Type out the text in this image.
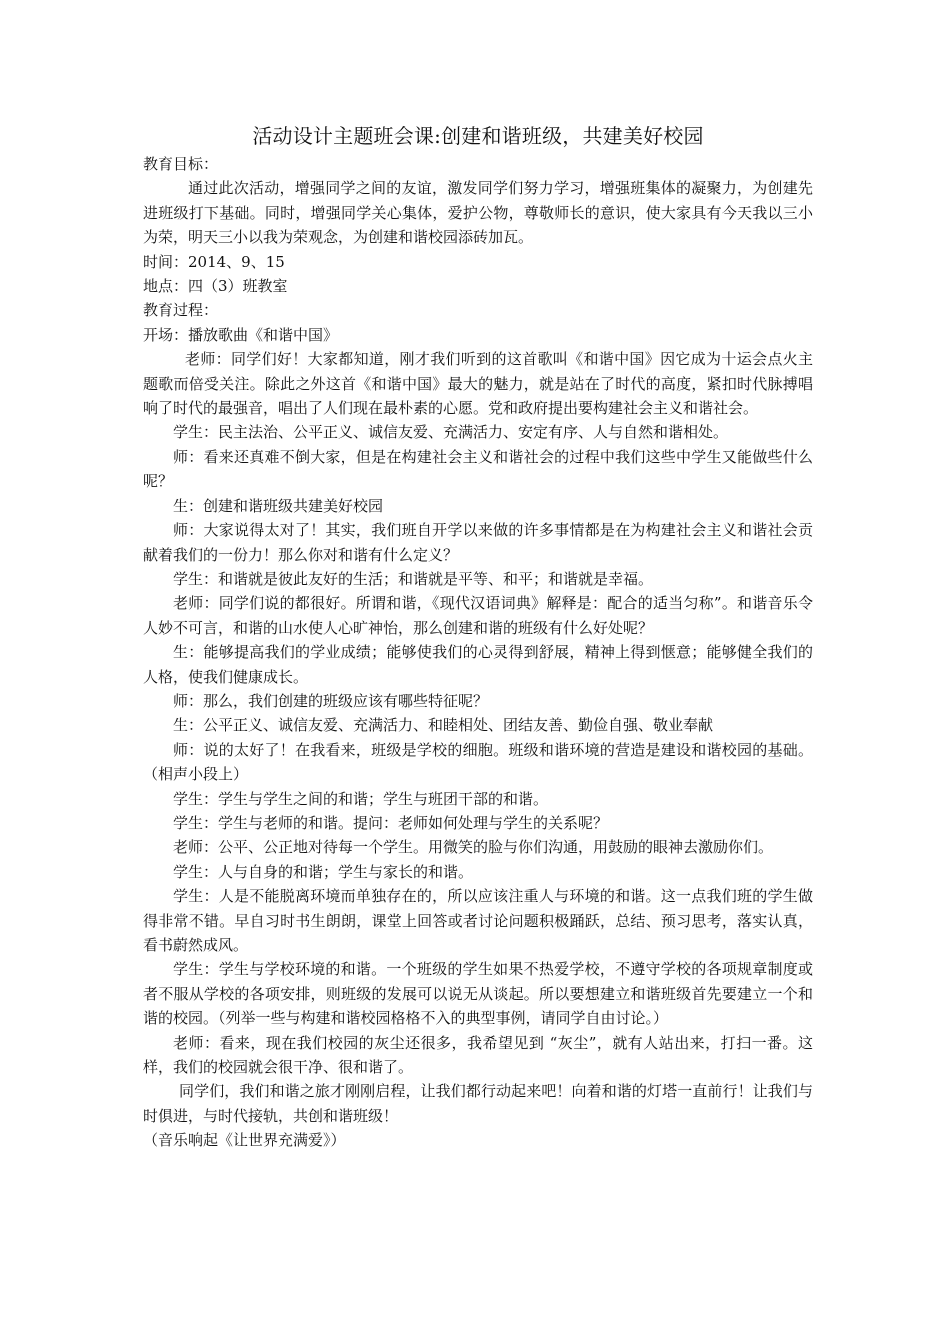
活动设计主题班会课:创建和谐班级，共建美好校园

教育目标：

通过此次活动，增强同学之间的友谊，激发同学们努力学习，增强班集体的凝聚力，为创建先进班级打下基础。同时，增强同学关心集体，爱护公物，尊敬师长的意识，使大家具有今天我以三小为荣，明天三小以我为荣观念，为创建和谐校园添砖加瓦。

时间：2014、9、15

地点：四（3）班教室

教育过程：

开场：播放歌曲《和谐中国》

老师：同学们好！大家都知道，刚才我们听到的这首歌叫《和谐中国》因它成为十运会点火主题歌而倍受关注。除此之外这首《和谐中国》最大的魅力，就是站在了时代的高度，紧扣时代脉搏唱响了时代的最强音，唱出了人们现在最朴素的心愿。党和政府提出要构建社会主义和谐社会。

学生：民主法治、公平正义、诚信友爱、充满活力、安定有序、人与自然和谐相处。

师：看来还真难不倒大家，但是在构建社会主义和谐社会的过程中我们这些中学生又能做些什么呢？

生：创建和谐班级共建美好校园

师：大家说得太对了！其实，我们班自开学以来做的许多事情都是在为构建社会主义和谐社会贡献着我们的一份力！那么你对和谐有什么定义？

学生：和谐就是彼此友好的生活；和谐就是平等、和平；和谐就是幸福。

老师：同学们说的都很好。所谓和谐，《现代汉语词典》解释是：配合的适当匀称”。和谐音乐令人妙不可言，和谐的山水使人心旷神怡，那么创建和谐的班级有什么好处呢？

生：能够提高我们的学业成绩；能够使我们的心灵得到舒展，精神上得到惬意；能够健全我们的人格，使我们健康成长。

师：那么，我们创建的班级应该有哪些特征呢？

生：公平正义、诚信友爱、充满活力、和睦相处、团结友善、勤俭自强、敬业奉献

师：说的太好了！在我看来，班级是学校的细胞。班级和谐环境的营造是建设和谐校园的基础。（相声小段上）

学生：学生与学生之间的和谐；学生与班团干部的和谐。

学生：学生与老师的和谐。提问：老师如何处理与学生的关系呢？

老师：公平、公正地对待每一个学生。用微笑的脸与你们沟通，用鼓励的眼神去激励你们。

学生：人与自身的和谐；学生与家长的和谐。

学生：人是不能脱离环境而单独存在的，所以应该注重人与环境的和谐。这一点我们班的学生做得非常不错。早自习时书生朗朗，课堂上回答或者讨论问题积极踊跃，总结、预习思考，落实认真，看书蔚然成风。

学生：学生与学校环境的和谐。一个班级的学生如果不热爱学校，不遵守学校的各项规章制度或者不服从学校的各项安排，则班级的发展可以说无从谈起。所以要想建立和谐班级首先要建立一个和谐的校园。（列举一些与构建和谐校园格格不入的典型事例，请同学自由讨论。）

老师：看来，现在我们校园的灰尘还很多，我希望见到 “灰尘”，就有人站出来，打扫一番。这样，我们的校园就会很干净、很和谐了。

同学们，我们和谐之旅才刚刚启程，让我们都行动起来吧！向着和谐的灯塔一直前行！让我们与时俱进，与时代接轨，共创和谐班级！

（音乐响起《让世界充满爱》）
